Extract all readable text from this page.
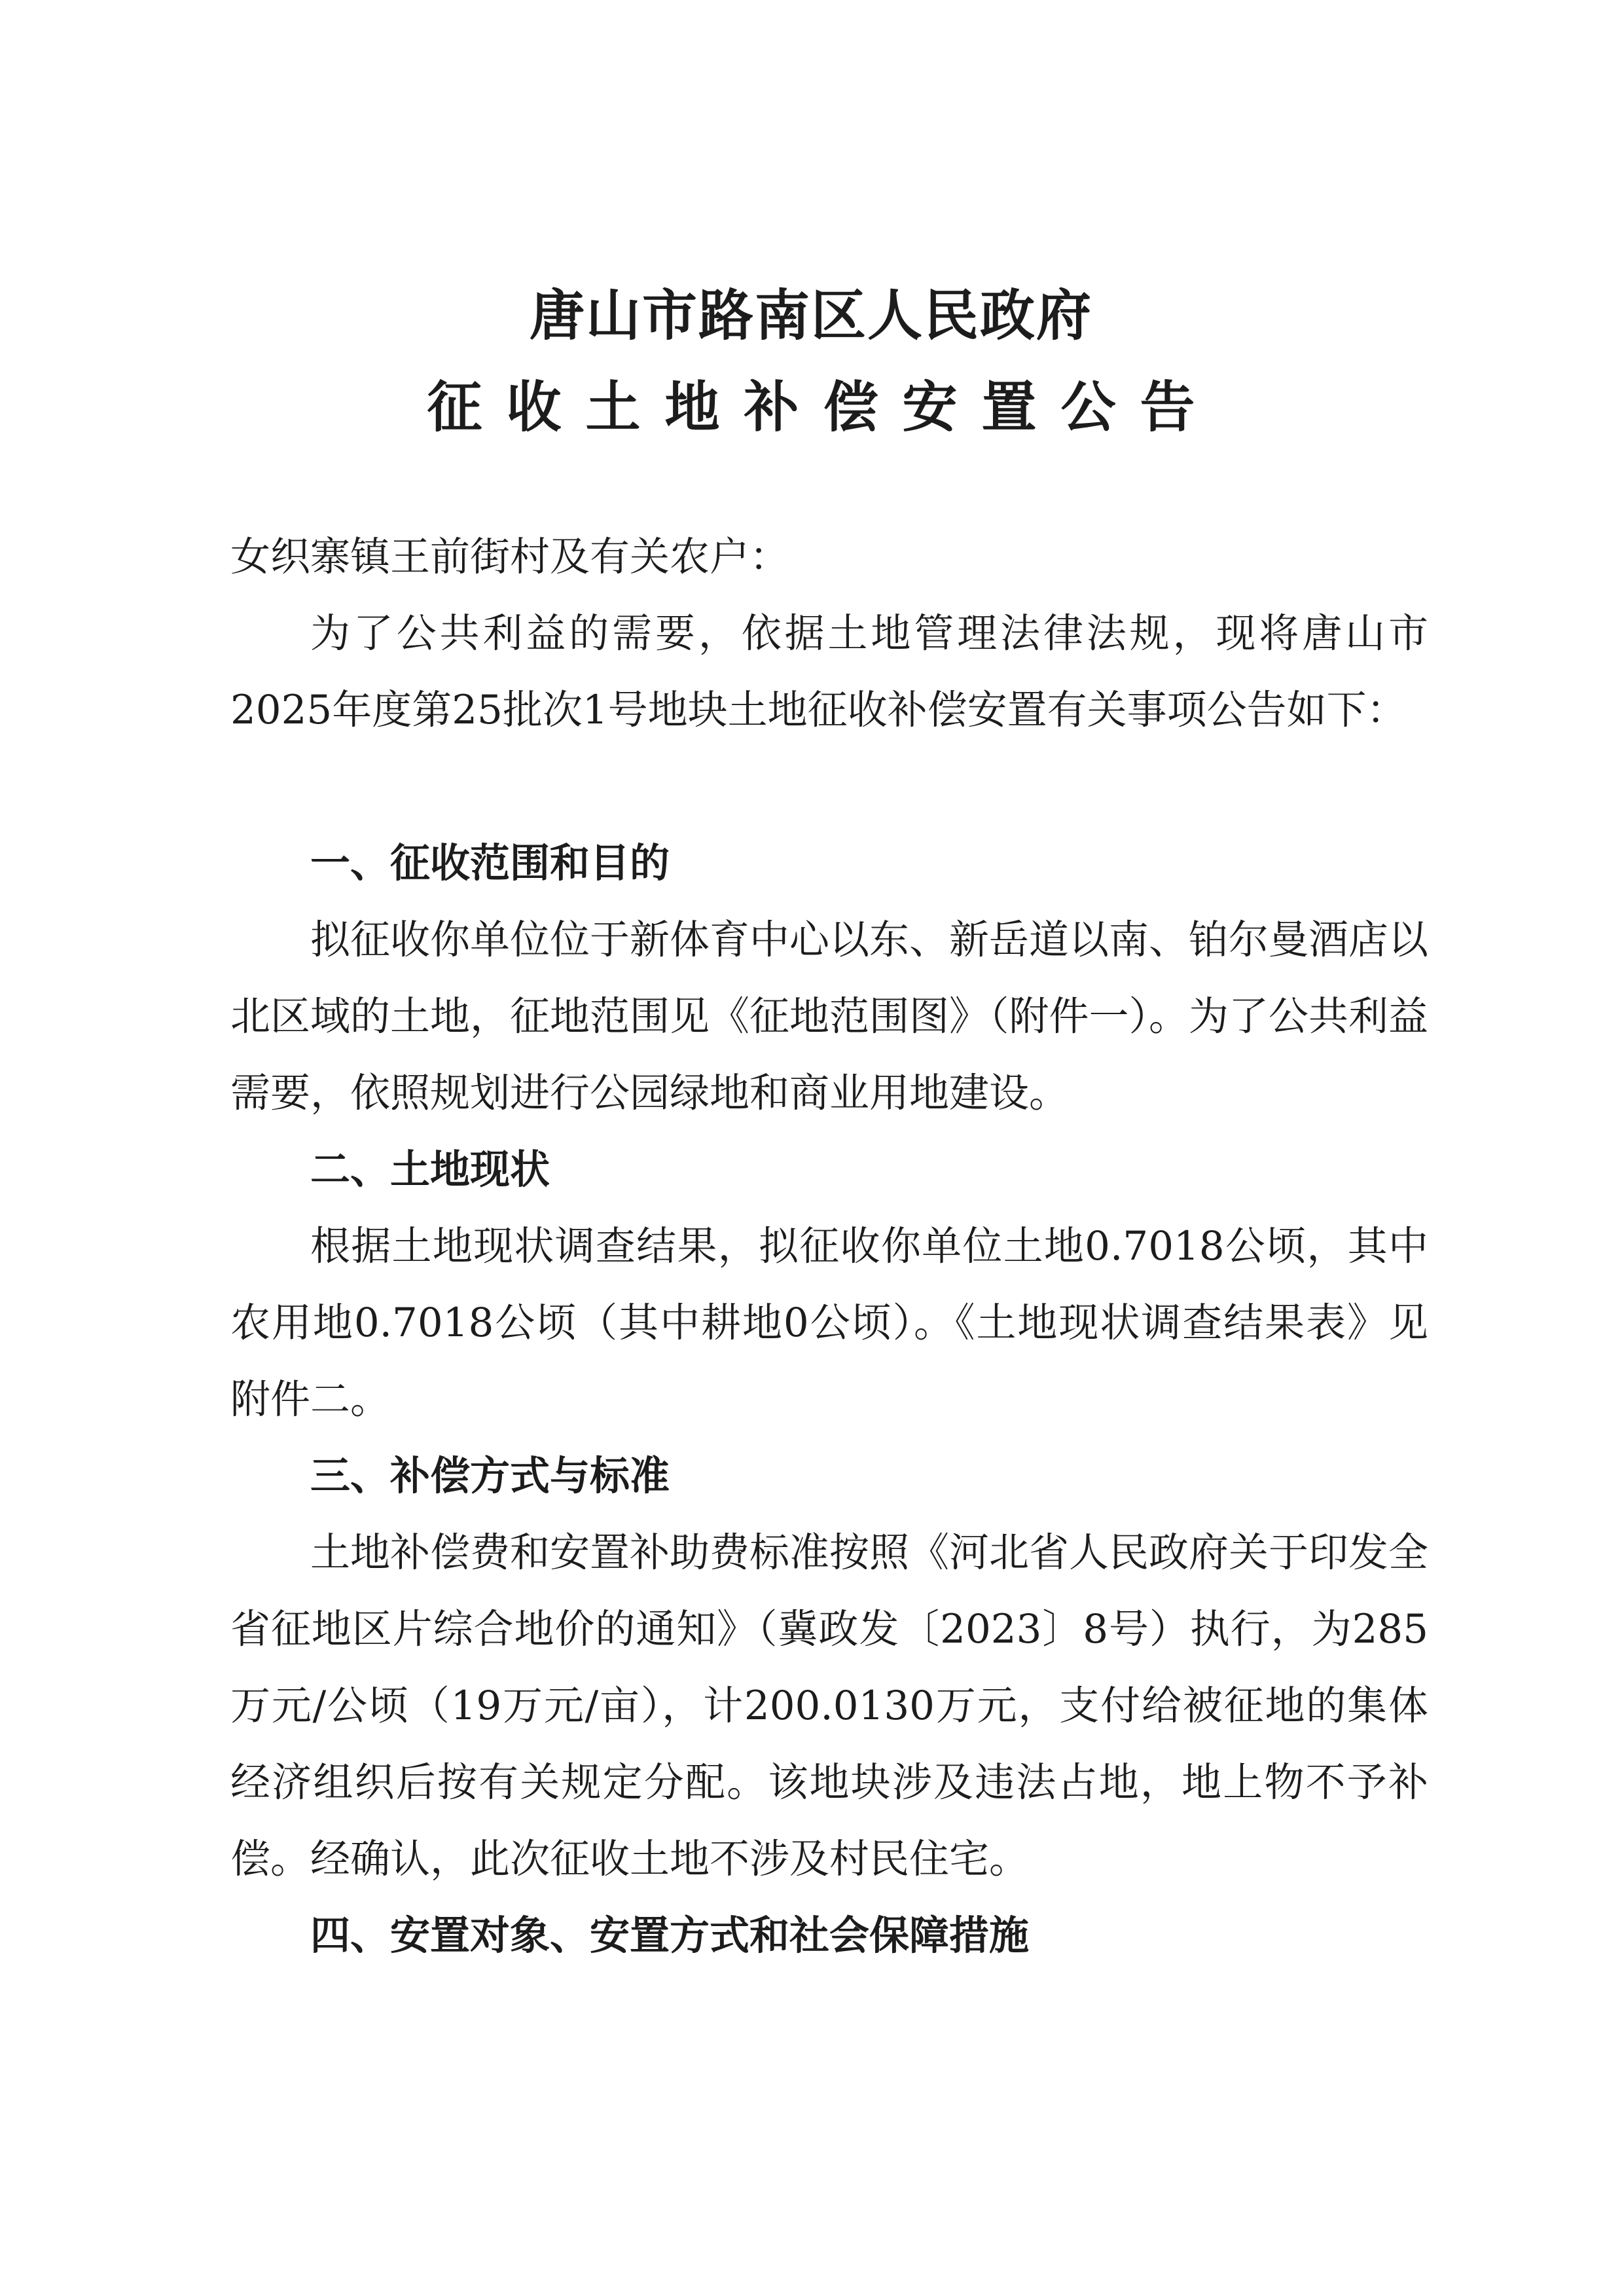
唐山市路南区人民政府
征收土地补偿安置公告

女织寨镇王前街村及有关农户：

为了公共利益的需要，依据土地管理法律法规，现将唐山市2025年度第25批次1号地块土地征收补偿安置有关事项公告如下：

一、征收范围和目的

拟征收你单位位于新体育中心以东、新岳道以南、铂尔曼酒店以北区域的土地，征地范围见《征地范围图》（附件一）。为了公共利益需要，依照规划进行公园绿地和商业用地建设。

二、土地现状

根据土地现状调查结果，拟征收你单位土地0.7018公顷，其中农用地0.7018公顷（其中耕地0公顷）。《土地现状调查结果表》见附件二。

三、补偿方式与标准

土地补偿费和安置补助费标准按照《河北省人民政府关于印发全省征地区片综合地价的通知》（冀政发〔2023〕8号）执行，为285万元/公顷（19万元/亩），计200.0130万元，支付给被征地的集体经济组织后按有关规定分配。该地块涉及违法占地，地上物不予补偿。经确认，此次征收土地不涉及村民住宅。

四、安置对象、安置方式和社会保障措施
